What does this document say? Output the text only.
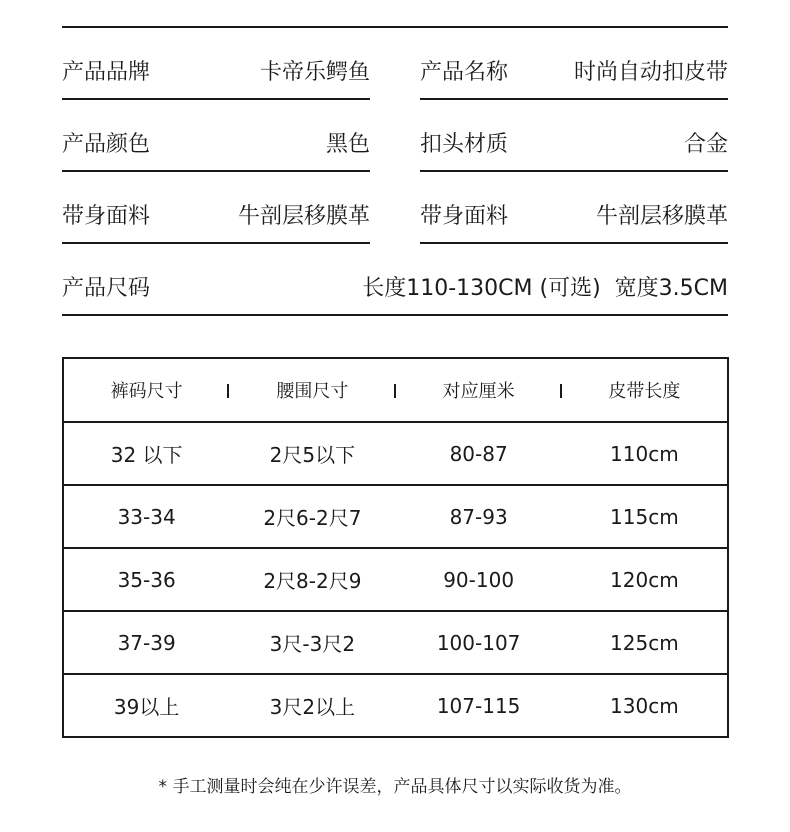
产品品牌	卡帝乐鳄鱼 产品名称	时尚自动扣皮带
产品颜色	黑色 扣头材质	合金
带身面料	牛剖层移膜革 带身面料	牛剖层移膜革
产品尺码	长度110-130CM (可选)  宽度3.5CM
裤码尺寸	腰围尺寸	对应厘米	皮带长度
32 以下	2尺5以下	80-87	110cm
33-34	2尺6-2尺7	87-93	115cm
35-36	2尺8-2尺9	90-100	120cm
37-39	3尺-3尺2	100-107	125cm
39以上	3尺2以上	107-115	130cm
* 手工测量时会纯在少许误差，产品具体尺寸以实际收货为准。
